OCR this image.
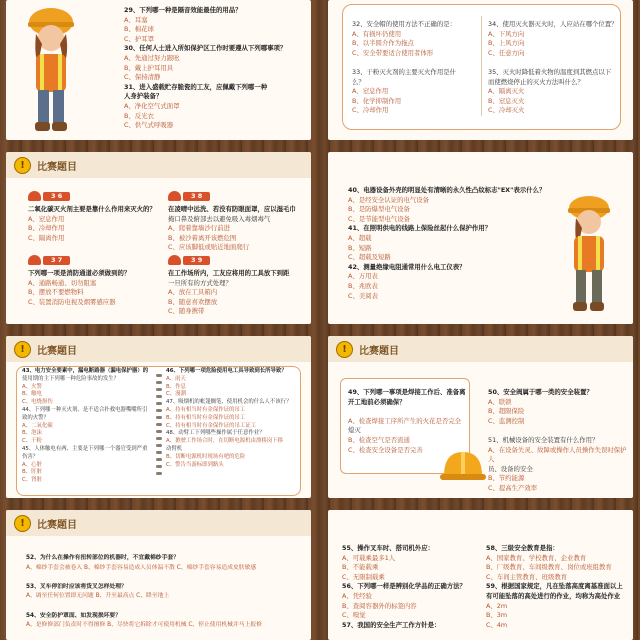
29、下列哪一种是隔音效能最佳的用品？
A、耳塞
B、棉花球
C、护耳罩
30、任何人士进入所如保护区工作时要遵从下列哪事项？
A、先通过努力跟吆
B、戴上护耳用具
C、保持清静
31、进入盛载贮存脆瓷的工友，应佩戴下列哪一种
人身护装备？
A、净化空气式面罩
B、反光衣
C、供气式呼吸器
32、安全帽的使用方法不正确的是：
A、有损坏仍使用
B、以半圆介作为拖点
C、安全带要适合使用者体形

33、干粉灭火剂的主要灭火作用是什
么？
A、窒息作用
B、化学抑制作用
C、冷却作用
34、使用灭火器灭火时，人应站在哪个位置？
A、下风方向
B、上风方向
C、任意方向

35、灭火时降低着火物的温度到其燃点以下
而使燃烧停止的灭火方法叫什么？
A、隔离灭火
B、窒息灭火
C、冷却灭火
!	比赛题目
3 6
二氧化碳灭火剂主要是靠什么作用来灭火的？
A、窒息作用
B、冷却作用
C、隔离作用
3 8
在凌晴中远洗、若没有防眼面罩，应以湿毛巾
掩口鼻及俯部去以避免吸入毒烟毒气
A、爬着靠墙沙行前进
B、被沙着离开该燃危图
C、应该脚低或贴近地面爬行
3 7
下列哪一项是消防通道必须做到的？
A、通路畅通、切勿阻塞
B、摆放不要燃物料
C、装置消防电视及烟雾感应器
3 9
在工作场所内，工友应将用的工具放下到距
一旦所有的方式处理？
A、放在工具箱内
B、随意喜欢摆放
C、随身携带
40、电器设备外壳的明显处有清晰的永久性凸纹标志"EX"表示什么？
A、是经安全认证的电气设备
B、是防爆型电气设备
C、是节能型电气设备
41、在照明供电的线路上保险丝起什么保护作用？
A、超载
B、短路
C、超载及短路
42、测量绝缘电阻通常用什么电工仪表？
A、万用表
B、兆欧表
C、美阅表
!	比赛题目
43、电力安全要素中，漏电断路器（漏电保护器）的
使用期的主下列哪一种危险事故的发生？
A、火警
B、触电
C、电烧损伤
44、下列哪一种灭火剂、是不适合扑救电器嘴嘴所引
致的火警？
A、二氧化碳
B、泡沫
C、干粉
45、人体触电有两、主要是下列哪一个器官受到严重
伤害？
A、心脏
B、肝脏
C、肾脏
46、下列哪一项危险使用电工具导致到长所导致？
A、雨天
B、作息
C、漫潮
47、吸烟机的帐篷搁笔、使用机会的什么人不该行？
A、持有相当时有金保作证的吊工
B、持有相当时有金保作证的吊工
C、持有相当时有金保作证的吊工证工
48、动臂工下列哪些操作属于任意作业？
A、掀驶工作场合时，在切断电源机由漂移岗下移
动臂机
B、切断电源机时现场有吧的危险
C、警告当游标即到路头
!	比赛题目
49、下列哪一事项是焊接工作后、准备离
开工地前必须确保？

A、检查焊接工序所产生的火花是否完全
熄灭
B、检查空气是否流通
C、检查安全设备是否完善
50、安全阀属于哪一类的安全装置？
A、联锁
B、超限保险
C、监测控制

51、机械设备的安全装置有什么作用？
A、在设备失灵、故障或操作人员操作失误时保护人
员、设备的安全
B、节约能源
C、提高生产效率
!	比赛题目
52、为什么在操作有扭转部位的机器时，不宜戴棉纱手套？
A、棉纱手套会被卷入 B、棉纱手套容易造成人员体温不散 C、棉纱手套容易造成皮肤敏感

53、叉车停泊时应该将货叉怎样处理？
A、调至任何位置即无问题 B、升至最高点 C、降至地上

54、安全防护罩面、如发现损坏要？
A、是修修部门负责时不得擅修 B、尽快将它拆除才可使用机械 C、停止使用机械并马上报修
55、操作叉车时、搭司机外应：
A、可载乘最多1人
B、不能载乘
C、无限制载乘
56、下列哪一样是辨别化学品的正确方法？
A、凭经验
B、查阅容器外的标签内容
C、嗅觉
57、我国的安全生产工作方针是：
58、三级安全教育是指：
A、国家教育、学校教育、企业教育
B、厂级教育、车间级教育、岗位或班组教育
C、车间主管教育、班级教育
59、根据国家规定，凡在坠落高度离基准面以上
有可能坠落的高处进行的作业，均称为高处作业
A、2m
B、3m
C、4m
